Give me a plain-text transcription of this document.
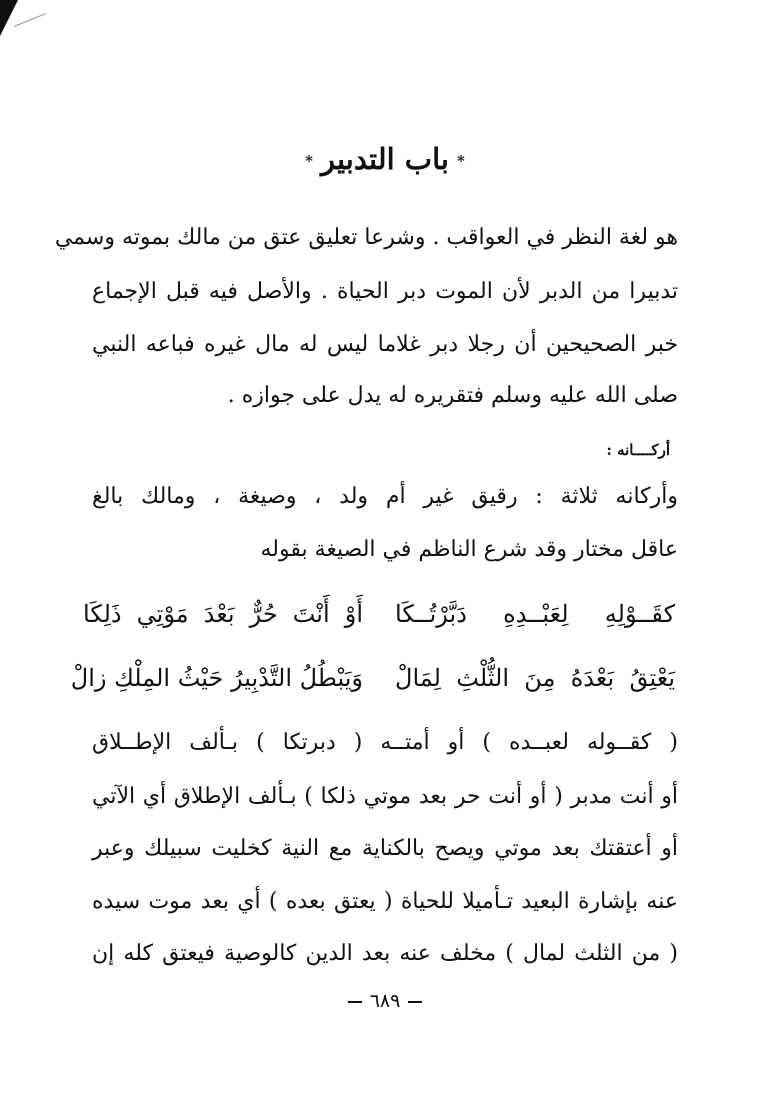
*باب التدبير*
هو لغة النظر في العواقب . وشرعا تعليق عتق من مالك بموته وسمي
تدبيرا من الدبر لأن الموت دبر الحياة . والأصل فيه قبل الإجماع
خبر الصحيحين أن رجلا دبر غلاما ليس له مال غيره فباعه النبي
صلى الله عليه وسلم فتقريره له يدل على جوازه .
أركــــانه :
وأركانه ثلاثة : رقيق غير أم ولد ، وصيغة ، ومالك بالغ
عاقل مختار وقد شرع الناظم في الصيغة بقوله
كقَــوْلِهِ لِعَبْــدِهِ دَبَّرْتُــكَا
أَوْ أَنْتَ حُرٌّ بَعْدَ مَوْتِي ذَلِكَا
يَعْتِقُ بَعْدَهُ مِنَ الثُّلْثِ لِمَالْ
وَيَبْطُلُ التَّدْبِيرُ حَيْثُ المِلْكِ زالْ
( كقــوله لعبــده ) أو أمتــه ( دبرتكا ) بـألف الإطــلاق
أو أنت مدبر ( أو أنت حر بعد موتي ذلكا ) بـألف الإطلاق أي الآتي
أو أعتقتك بعد موتي ويصح بالكناية مع النية كخليت سبيلك وعبر
عنه بإشارة البعيد تـأميلا للحياة ( يعتق بعده ) أي بعد موت سيده
( من الثلث لمال ) مخلف عنه بعد الدين كالوصية فيعتق كله إن
٦٨٩
